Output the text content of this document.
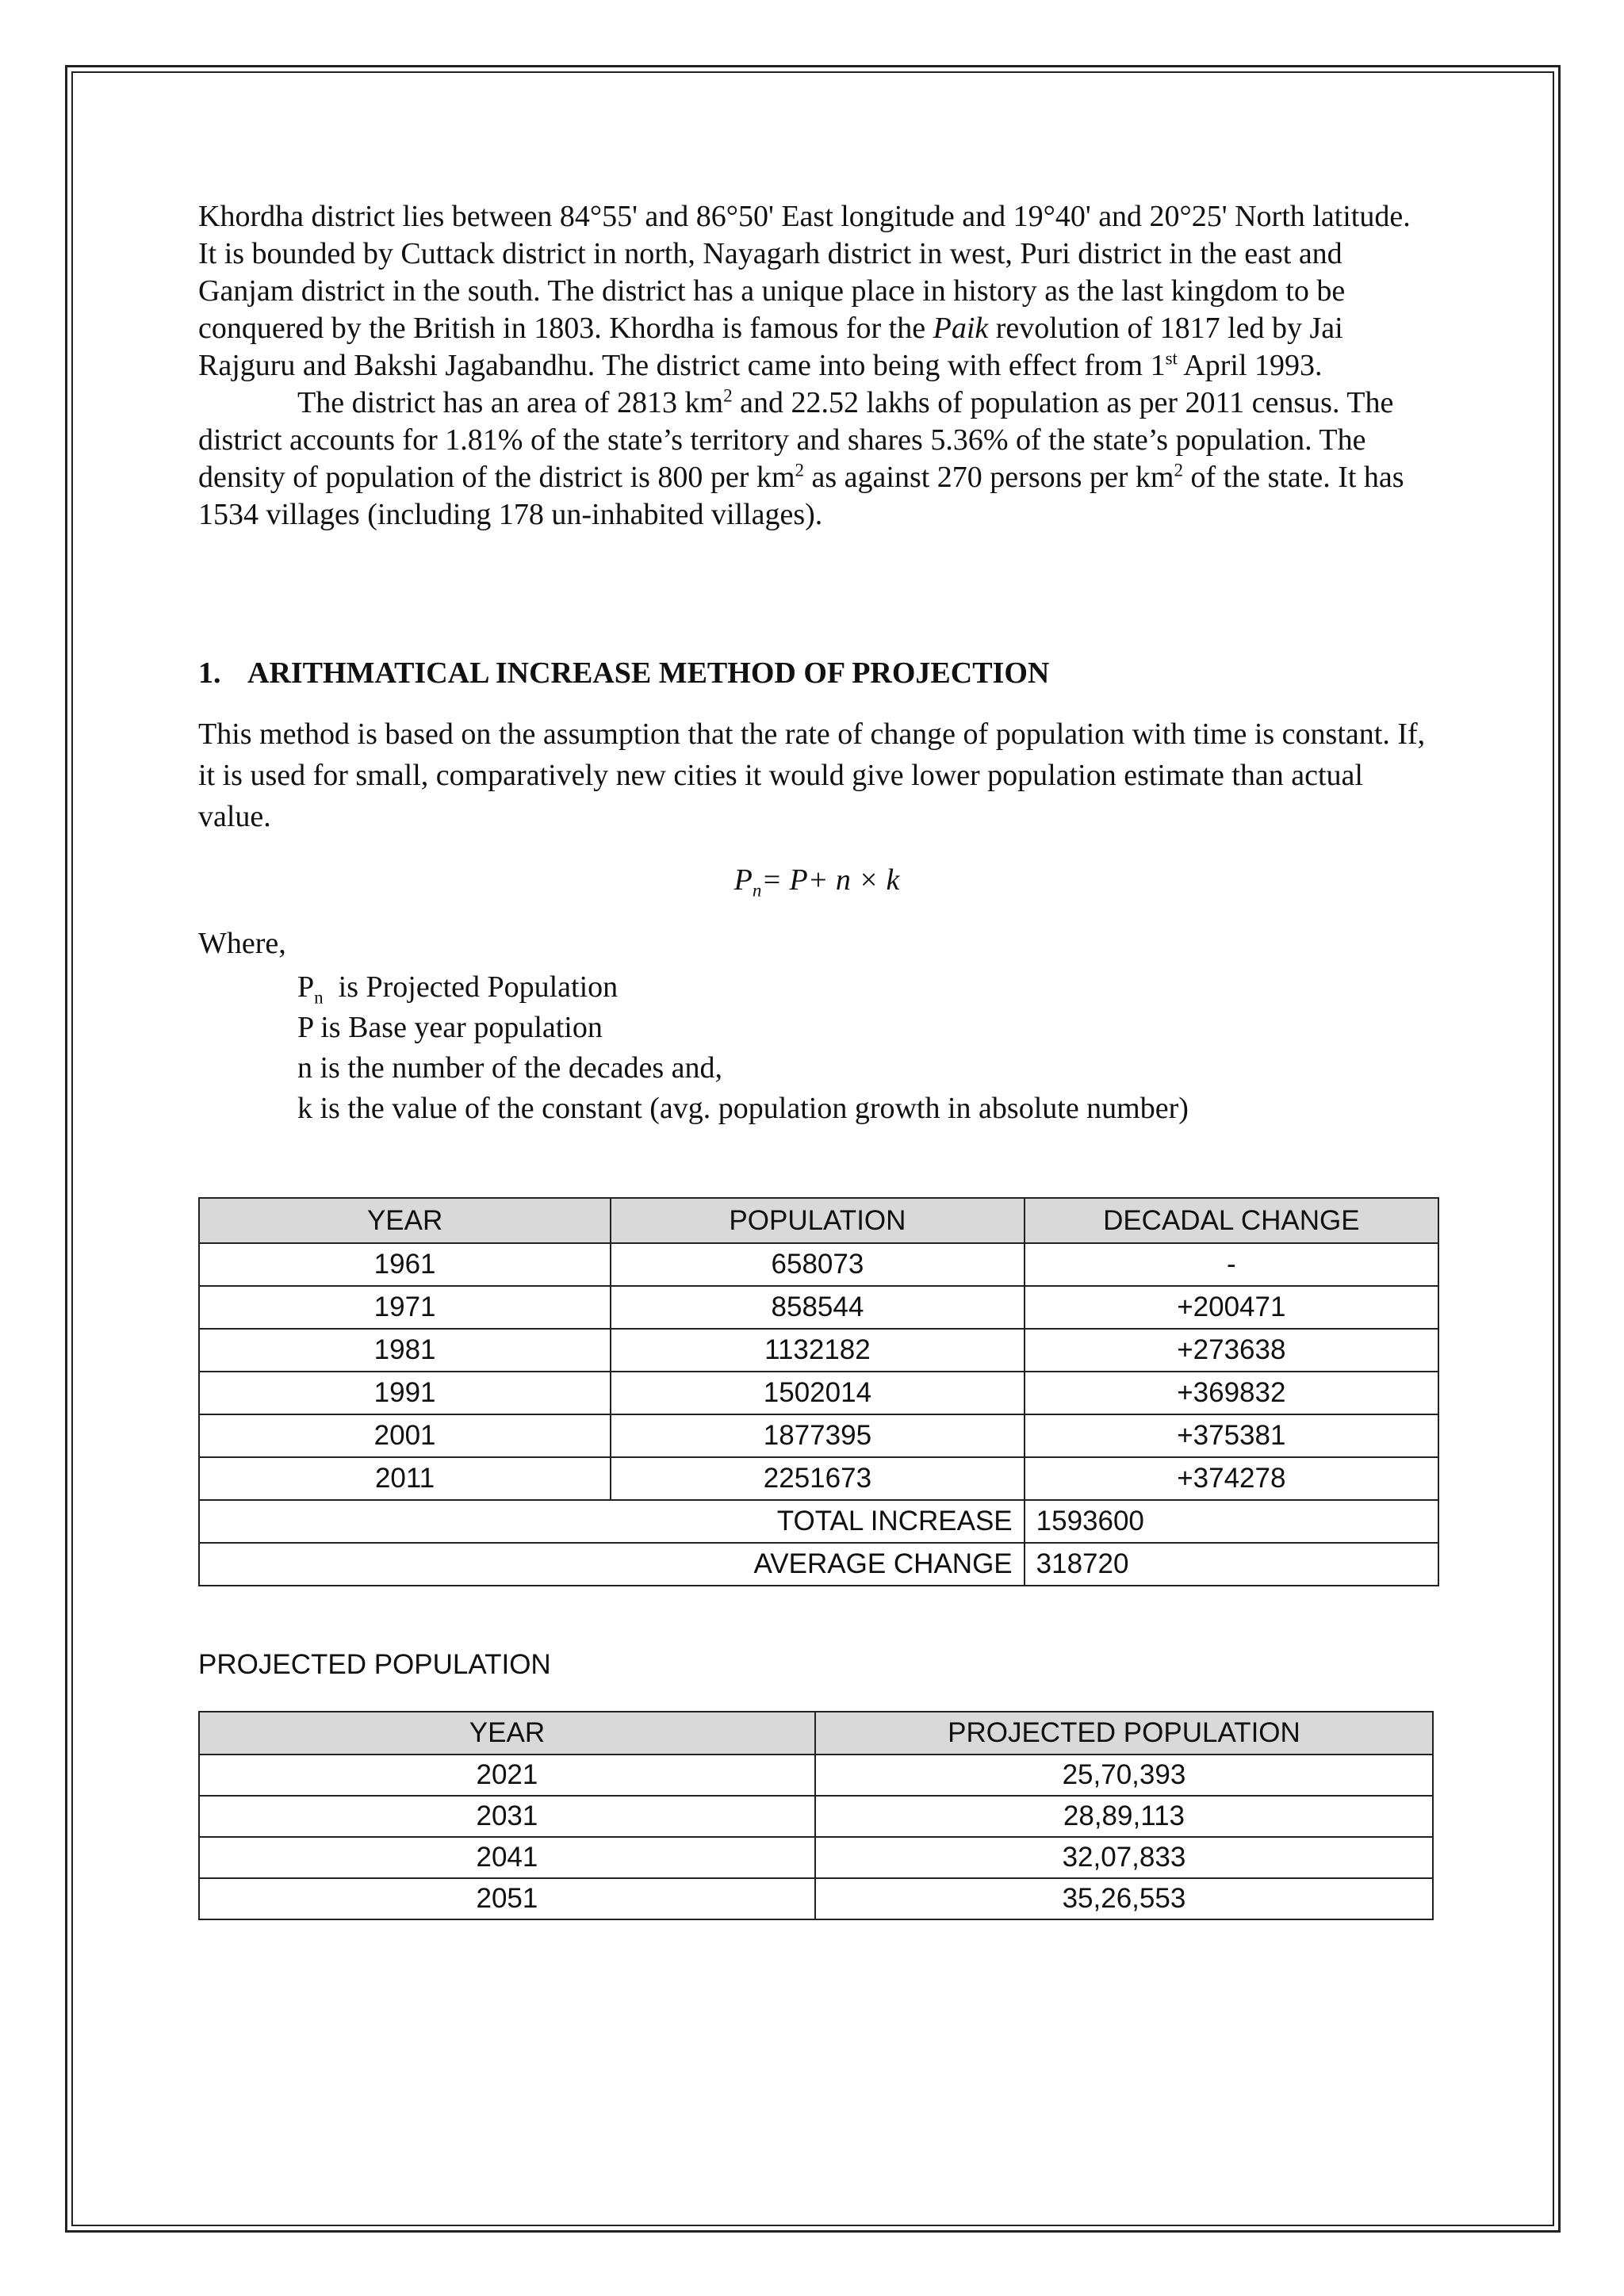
Khordha district lies between 84°55' and 86°50' East longitude and 19°40' and 20°25' North latitude. It is bounded by Cuttack district in north, Nayagarh district in west, Puri district in the east and Ganjam district in the south. The district has a unique place in history as the last kingdom to be conquered by the British in 1803. Khordha is famous for the Paik revolution of 1817 led by Jai Rajguru and Bakshi Jagabandhu. The district came into being with effect from 1st April 1993.

The district has an area of 2813 $km^2$ and 22.52 lakhs of population as per 2011 census. The district accounts for 1.81% of the state’s territory and shares 5.36% of the state’s population. The density of population of the district is 800 per $km^2$ as against 270 persons per $km^2$ of the state. It has 1534 villages (including 178 un-inhabited villages).

1. ARITHMATICAL INCREASE METHOD OF PROJECTION

This method is based on the assumption that the rate of change of population with time is constant. If, it is used for small, comparatively new cities it would give lower population estimate than actual value.

$P_n= P+ n \times k$
Where,
$P_n$  is Projected Population
P is Base year population
n is the number of the decades and,
k is the value of the constant (avg. population growth in absolute number)
YEAR	POPULATION	DECADAL CHANGE
1961	658073	-
1971	858544	+200471
1981	1132182	+273638
1991	1502014	+369832
2001	1877395	+375381
2011	2251673	+374278
TOTAL INCREASE		1593600
AVERAGE CHANGE		318720
PROJECTED POPULATION
YEAR	PROJECTED POPULATION
2021	25,70,393
2031	28,89,113
2041	32,07,833
2051	35,26,553
